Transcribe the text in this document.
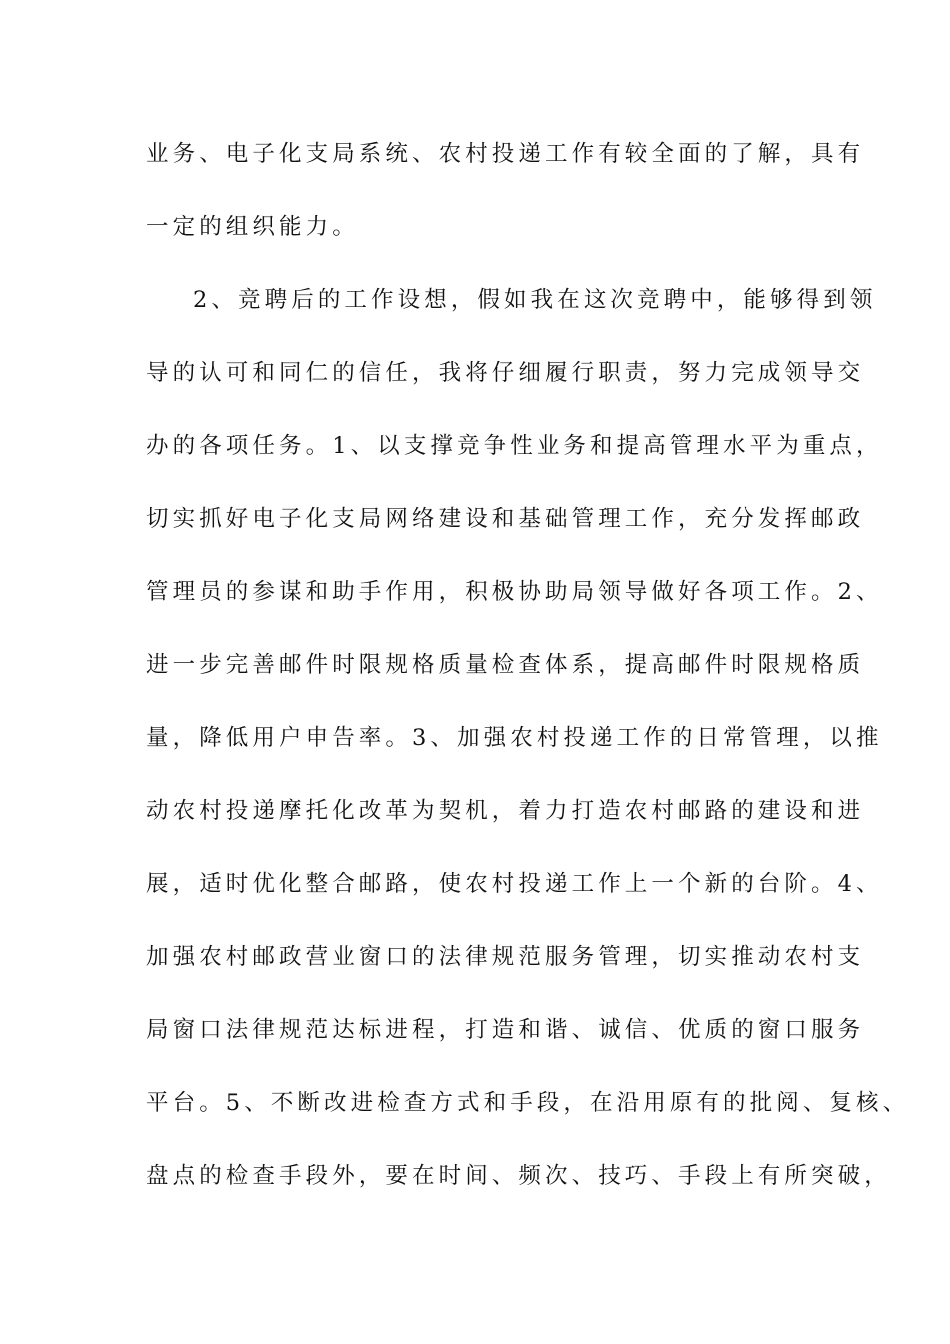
业务、电子化支局系统、农村投递工作有较全面的了解，具有
一定的组织能力。
2、竞聘后的工作设想，假如我在这次竞聘中，能够得到领
导的认可和同仁的信任，我将仔细履行职责，努力完成领导交
办的各项任务。1、以支撑竞争性业务和提高管理水平为重点，
切实抓好电子化支局网络建设和基础管理工作，充分发挥邮政
管理员的参谋和助手作用，积极协助局领导做好各项工作。2、
进一步完善邮件时限规格质量检查体系，提高邮件时限规格质
量，降低用户申告率。3、加强农村投递工作的日常管理，以推
动农村投递摩托化改革为契机，着力打造农村邮路的建设和进
展，适时优化整合邮路，使农村投递工作上一个新的台阶。4、
加强农村邮政营业窗口的法律规范服务管理，切实推动农村支
局窗口法律规范达标进程，打造和谐、诚信、优质的窗口服务
平台。5、不断改进检查方式和手段，在沿用原有的批阅、复核、
盘点的检查手段外，要在时间、频次、技巧、手段上有所突破，
